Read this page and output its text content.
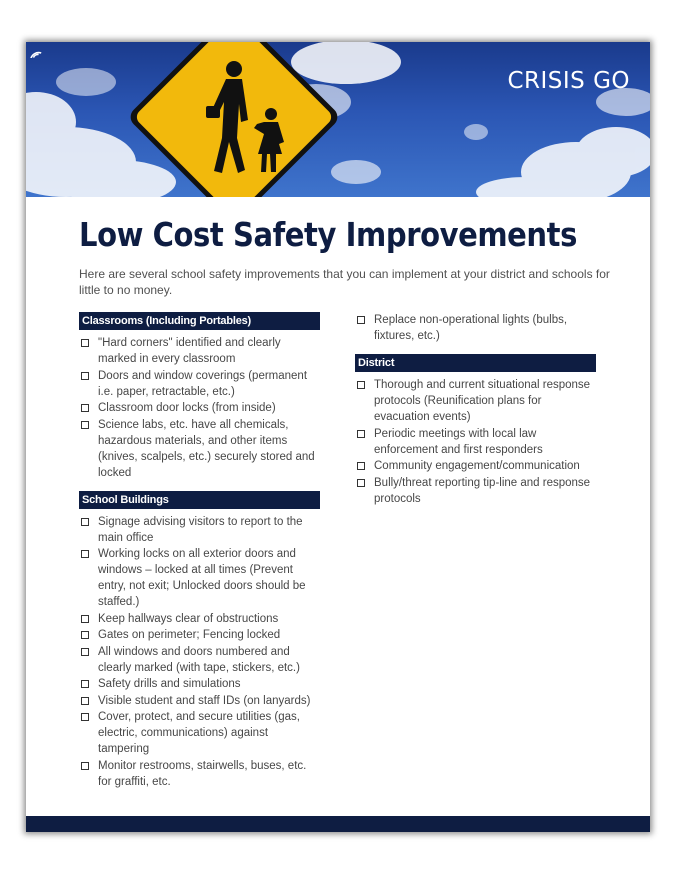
CRISIS GO
Low Cost Safety Improvements

Here are several school safety improvements that you can implement at your district and schools for little to no money.

Classrooms (Including Portables)
"Hard corners" identified and clearly marked in every classroom
Doors and window coverings (permanent i.e. paper, retractable, etc.)
Classroom door locks (from inside)
Science labs, etc. have all chemicals, hazardous materials, and other items (knives, scalpels, etc.) securely stored and locked
School Buildings
Signage advising visitors to report to the main office
Working locks on all exterior doors and windows – locked at all times (Prevent entry, not exit; Unlocked doors should be staffed.)
Keep hallways clear of obstructions
Gates on perimeter; Fencing locked
All windows and doors numbered and clearly marked (with tape, stickers, etc.)
Safety drills and simulations
Visible student and staff IDs (on lanyards)
Cover, protect, and secure utilities (gas, electric, communications) against tampering
Monitor restrooms, stairwells, buses, etc. for graffiti, etc.
Replace non-operational lights (bulbs, fixtures, etc.)
District
Thorough and current situational response protocols (Reunification plans for evacuation events)
Periodic meetings with local law enforcement and first responders
Community engagement/communication
Bully/threat reporting tip-line and response protocols
